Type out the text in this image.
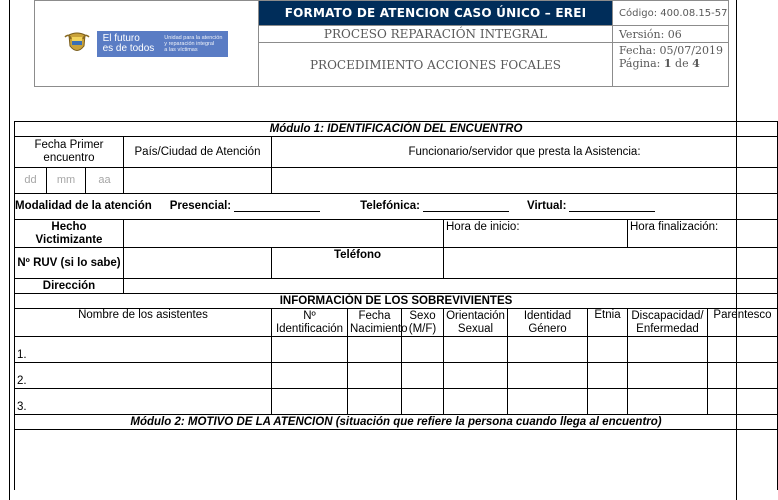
El futuro
es de todos
Unidad para la atención
y reparación integral
a las víctimas	FORMATO DE ATENCION CASO ÚNICO – EREI	Código: 400.08.15-57
	PROCESO REPARACIÓN INTEGRAL	Versión: 06
	PROCEDIMIENTO ACCIONES FOCALES	Fecha: 05/07/2019
Página: 1 de 4
Módulo 1: IDENTIFICACIÓN DEL ENCUENTRO											
Fecha Primer encuentro			País/Ciudad de Atención	Funcionario/servidor que presta la Asistencia:							
dd	mm	aa									

Modalidad de la atención Presencial: Telefónica: Virtual:											

Hecho Victimizante							Hora de inicio:			Hora finalización:	
Nº RUV (si lo sabe)				Teléfono							
Dirección											
INFORMACIÓN DE LOS SOBREVIVIENTES											
Nombre de los asistentes				Nº Identificación	Fecha Nacimiento	Sexo (M/F)	Orientación Sexual	Identidad Género	Etnia	Discapacidad/ Enfermedad	Parentesco
1.											
2.											
3.											
Módulo 2: MOTIVO DE LA ATENCION (situación que refiere la persona cuando llega al encuentro)											
